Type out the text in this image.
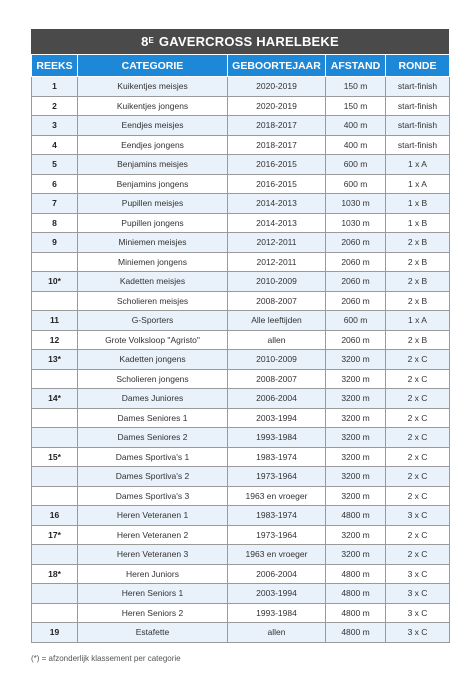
$8^E$
GAVERCROSS HARELBEKE
REEKS	CATEGORIE	GEBOORTEJAAR	AFSTAND	RONDE
1	Kuikentjes meisjes	2020-2019	150 m	start-finish
2	Kuikentjes jongens	2020-2019	150 m	start-finish
3	Eendjes meisjes	2018-2017	400 m	start-finish
4	Eendjes jongens	2018-2017	400 m	start-finish
5	Benjamins meisjes	2016-2015	600 m	1 x A
6	Benjamins jongens	2016-2015	600 m	1 x A
7	Pupillen meisjes	2014-2013	1030 m	1 x B
8	Pupillen jongens	2014-2013	1030 m	1 x B
9	Miniemen meisjes	2012-2011	2060 m	2 x B
	Miniemen jongens	2012-2011	2060 m	2 x B
10*	Kadetten meisjes	2010-2009	2060 m	2 x B
	Scholieren meisjes	2008-2007	2060 m	2 x B
11	G-Sporters	Alle leeftijden	600 m	1 x A
12	Grote Volksloop "Agristo"	allen	2060 m	2 x B
13*	Kadetten jongens	2010-2009	3200 m	2 x C
	Scholieren jongens	2008-2007	3200 m	2 x C
14*	Dames Juniores	2006-2004	3200 m	2 x C
	Dames Seniores 1	2003-1994	3200 m	2 x C
	Dames Seniores 2	1993-1984	3200 m	2 x C
15*	Dames Sportiva's 1	1983-1974	3200 m	2 x C
	Dames Sportiva's 2	1973-1964	3200 m	2 x C
	Dames Sportiva's 3	1963 en vroeger	3200 m	2 x C
16	Heren Veteranen 1	1983-1974	4800 m	3 x C
17*	Heren Veteranen 2	1973-1964	3200 m	2 x C
	Heren Veteranen 3	1963 en vroeger	3200 m	2 x C
18*	Heren Juniors	2006-2004	4800 m	3 x C
	Heren Seniors 1	2003-1994	4800 m	3 x C
	Heren Seniors 2	1993-1984	4800 m	3 x C
19	Estafette	allen	4800 m	3 x C
(*) = afzonderlijk klassement per categorie
